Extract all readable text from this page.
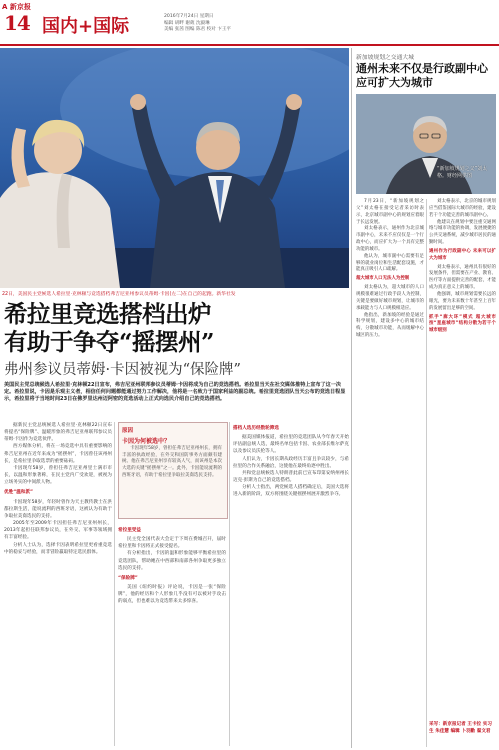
A 新京报
14 国内+国际	2016年7月24日 星期日
编辑 胡畔 谢葳 沈毅琳
美编 张茜 图编 陈君 校对 卞王平
22日，美国民主党候选人希拉里·克林顿与竞选搭档弗吉尼亚州参议员蒂姆·卡因(左二)在自己的起跑。新华社发
希拉里竞选搭档出炉
有助于争夺“摇摆州”
弗州参议员蒂姆·卡因被视为“保险牌”
美国民主党总统候选人希拉里·克林顿22日宣布，弗吉尼亚州联邦参议员蒂姆·卡因将成为自己的竞选搭档。希拉里当天在社交媒体推特上宣布了这一决定。希拉里说，卡因是乐观主义者，相信任何问题都能通过努力工作解决，他将是一名致力于国家利益的副总统。希拉里竞选团队当天公布的竞选日程显示，希拉里将于当地时间23日在佛罗里达州迈阿密的竞选活动上正式向选民介绍自己的竞选搭档。

据新民主党总统候选人希拉里·克林顿22日宣布将提名“保险牌”、温暖形象的弗吉尼亚州联邦参议员蒂姆·卡因作为竞选伙伴。

西方媒体分析，将在一场竞选中具有重要影响的弗吉尼亚州在近年来成为“摇摆州”，卡因曾任该州州长，是希拉里争取选票的重要砝码。

卡因现年58岁，曾担任弗吉尼亚州里士满市市长，以温和形象著称，在民主党内广受欢迎，被视为立场务实的中间派人物。

优胜“温和派”

卡因现年58岁，年轻时曾作为天主教传教士在洪都拉斯生活，能说流利的西班牙语，这被认为有助于争取拉美裔选民的支持。

2005年至2009年卡因担任弗吉尼亚州州长，2013年起担任联邦参议员，在外交、军事等领域拥有丰富经验。

分析人士认为，选择卡因表明希拉里更看重竞选中的稳妥与经验，而非冒险赢取特定选民群体。

原因
卡因为何被选中？
卡因现年58岁，曾担任弗吉尼亚州州长，拥有丰富的执政经验，在外交和国防事务方面颇有建树。他在弗吉尼亚州享有较高人气，而该州是本次大选的关键“摇摆州”之一。此外，卡因能说流利的西班牙语，有助于希拉里争取拉美裔选民支持。

希拉里受益

民主党全国代表大会定于下周在费城召开，届时希拉里和卡因将正式接受提名。

有分析指出，卡因的温和形象能够平衡希拉里的竞选团队，帮助她在中西部和南部各州争取更多独立选民的支持。

“保险牌”

美国《纽约时报》评论说，卡因是一张“保险牌”，他的经历和个人形象几乎没有可以被对手攻击的弱点，但也难以为竞选带来太多惊喜。

搭档人选历经数轮筛选

据美国媒体报道，希拉里的竞选团队从今年春天开始评估副总统人选，最终名单包括卡因、农业部长维尔萨克以及参议员沃伦等人。

人们认为，卡因长期从政经历丰富且争议较少，与希拉里的合作关系融洽，这使他在最终角逐中胜出。

共和党总统候选人特朗普此前已宣布印第安纳州州长迈克·彭斯为自己的竞选搭档。

分析人士指出，两党候选人搭档确定后，美国大选将进入新的阶段，双方将围绕关键摇摆州展开激烈争夺。

新加坡规划之交通大城
通州未来不仅是行政副中心应可扩大为城市
“新加坡规划之父”刘太格。财经网供图

7月23日，“新加坡规划之父”刘太格在接受记者采访时表示，北京城市副中心的规划应着眼于长远发展。

刘太格表示，通州作为北京城市副中心，未来不应仅仅是一个行政中心，而应扩大为一个具有完整功能的城市。

他认为，城市副中心需要有足够的就业岗位和生活配套设施，才能真正吸引人口疏解。

超大城市人口无法人为控制

刘太格认为，超大城市的人口规模很难通过行政手段人为控制，关键是要做好城市规划，让城市的承载能力与人口规模相适应。

他指出，新加坡的经验是通过科学规划，建设多中心的城市结构，分散城市功能，从而缓解中心城区的压力。

刘太格表示，北京的城市规划应当借鉴国际大城市的经验，建设若干个功能完善的城市副中心。

他建议在规划中要注重交通网络与城市功能的协调，发展便捷的公共交通系统，减少城市居民的通勤时间。

通州作为行政副中心 未来可以扩大为城市

刘太格表示，通州具有很好的发展条件，但需要在产业、教育、医疗等方面提供完善的配套，才能成为真正意义上的城市。

他强调，城市规划需要长远的眼光，要为未来数十年甚至上百年的发展留出足够的空间。

抓手“廊大环”模式 超大城市按“星座城市”结构分散为若干个城市级别

采写：新京报记者 王卡拉 实习生 朱佳慧 编辑 卜羽勤 翟文君
